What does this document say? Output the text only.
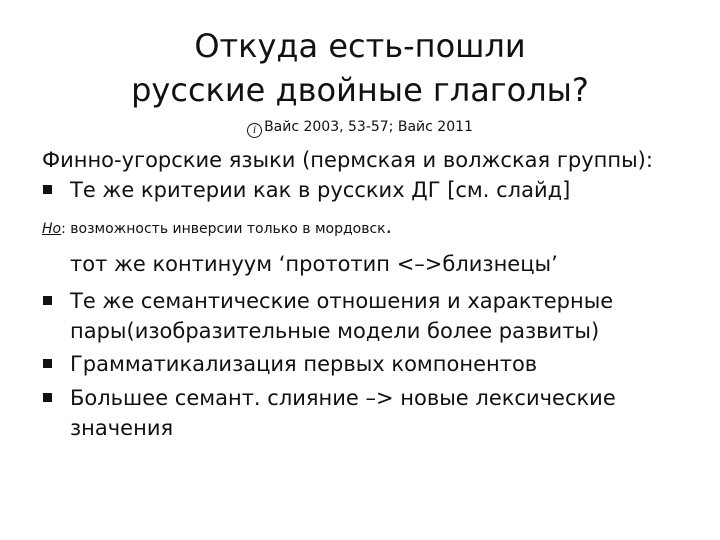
Откуда есть-пошли
русские двойные глаголы?
i Вайс 2003, 53-57; Вайс 2011
Финно-угорские языки (пермская и волжская группы):
Те же критерии как в русских ДГ [см. слайд]
Но: возможность инверсии только в мордовск.
тот же континуум ‘прототип <–>близнецы’
Те же семантические отношения и характерные
пары(изобразительные модели более развиты)
Грамматикализация первых компонентов
Большее семант. слияние –> новые лексические
значения
